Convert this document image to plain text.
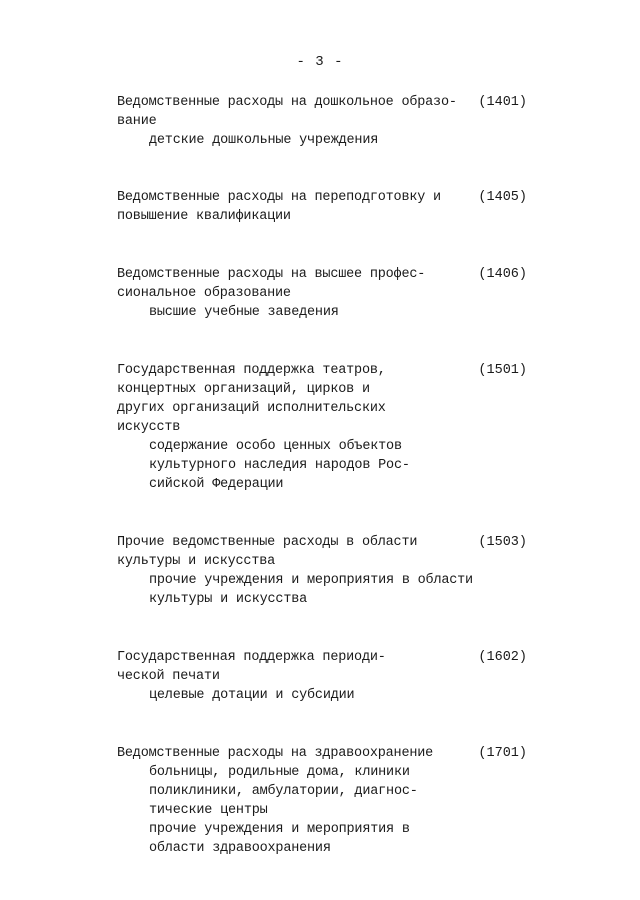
- 3 -
(1401)
Ведомственные расходы на дошкольное образо-
вание
детские дошкольные учреждения
(1405)
Ведомственные расходы на переподготовку и
повышение квалификации
(1406)
Ведомственные расходы на высшее профес-
сиональное образование
высшие учебные заведения
(1501)
Государственная поддержка театров,
концертных организаций, цирков и
других организаций исполнительских
искусств
содержание особо ценных объектов
культурного наследия народов Рос-
сийской Федерации
(1503)
Прочие ведомственные расходы в области
культуры и искусства
прочие учреждения и мероприятия в области
культуры и искусства
(1602)
Государственная поддержка периоди-
ческой печати
целевые дотации и субсидии
(1701)
Ведомственные расходы на здравоохранение
больницы, родильные дома, клиники
поликлиники, амбулатории, диагнос-
тические центры
прочие учреждения и мероприятия в
области здравоохранения
